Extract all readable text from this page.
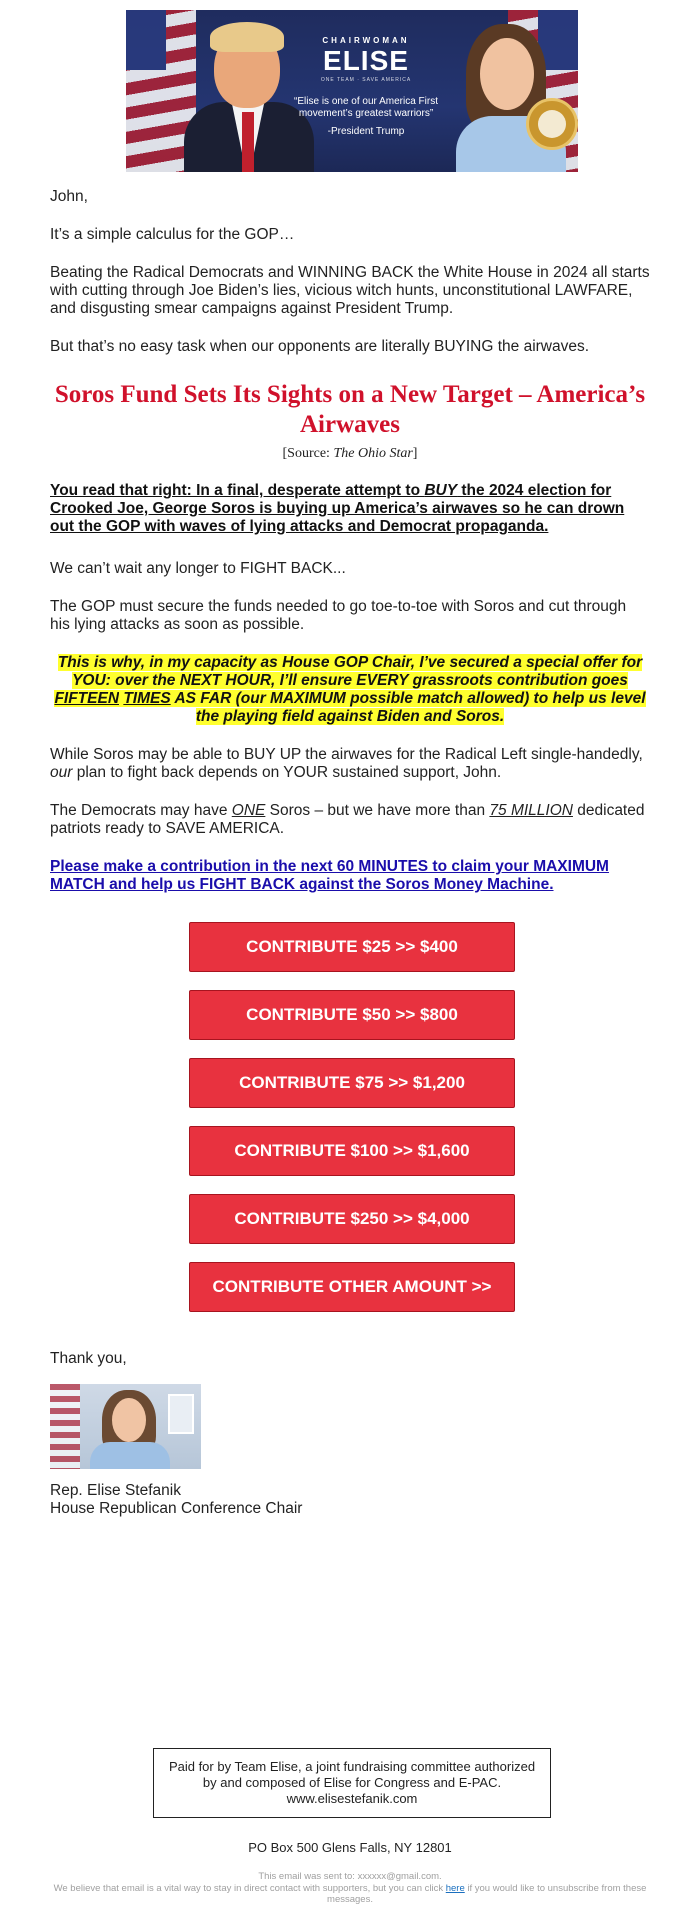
CHAIRWOMAN
ELISE
ONE TEAM · SAVE AMERICA
“Elise is one of our America First movement’s greatest warriors”
-President Trump
John,
It’s a simple calculus for the GOP…
Beating the Radical Democrats and WINNING BACK the White House in 2024 all starts with cutting through Joe Biden’s lies, vicious witch hunts, unconstitutional LAWFARE, and disgusting smear campaigns against President Trump.
But that’s no easy task when our opponents are literally BUYING the airwaves.
Soros Fund Sets Its Sights on a New Target – America’s Airwaves
[Source: The Ohio Star]
You read that right: In a final, desperate attempt to BUY the 2024 election for Crooked Joe, George Soros is buying up America’s airwaves so he can drown out the GOP with waves of lying attacks and Democrat propaganda.
We can’t wait any longer to FIGHT BACK...
The GOP must secure the funds needed to go toe-to-toe with Soros and cut through his lying attacks as soon as possible.
This is why, in my capacity as House GOP Chair, I’ve secured a special offer for YOU: over the NEXT HOUR, I’ll ensure EVERY grassroots contribution goes FIFTEEN TIMES AS FAR (our MAXIMUM possible match allowed) to help us level the playing field against Biden and Soros.
While Soros may be able to BUY UP the airwaves for the Radical Left single-handedly, our plan to fight back depends on YOUR sustained support, John.
The Democrats may have ONE Soros – but we have more than 75 MILLION dedicated patriots ready to SAVE AMERICA.
Please make a contribution in the next 60 MINUTES to claim your MAXIMUM MATCH and help us FIGHT BACK against the Soros Money Machine.
CONTRIBUTE $25 >> $400
CONTRIBUTE $50 >> $800
CONTRIBUTE $75 >> $1,200
CONTRIBUTE $100 >> $1,600
CONTRIBUTE $250 >> $4,000
CONTRIBUTE OTHER AMOUNT >>
Thank you,
Rep. Elise Stefanik
House Republican Conference Chair
Paid for by Team Elise, a joint fundraising committee authorized by and composed of Elise for Congress and E-PAC. www.elisestefanik.com
PO Box 500 Glens Falls, NY 12801
This email was sent to: xxxxxx@gmail.com.
We believe that email is a vital way to stay in direct contact with supporters, but you can click here if you would like to unsubscribe from these messages.
